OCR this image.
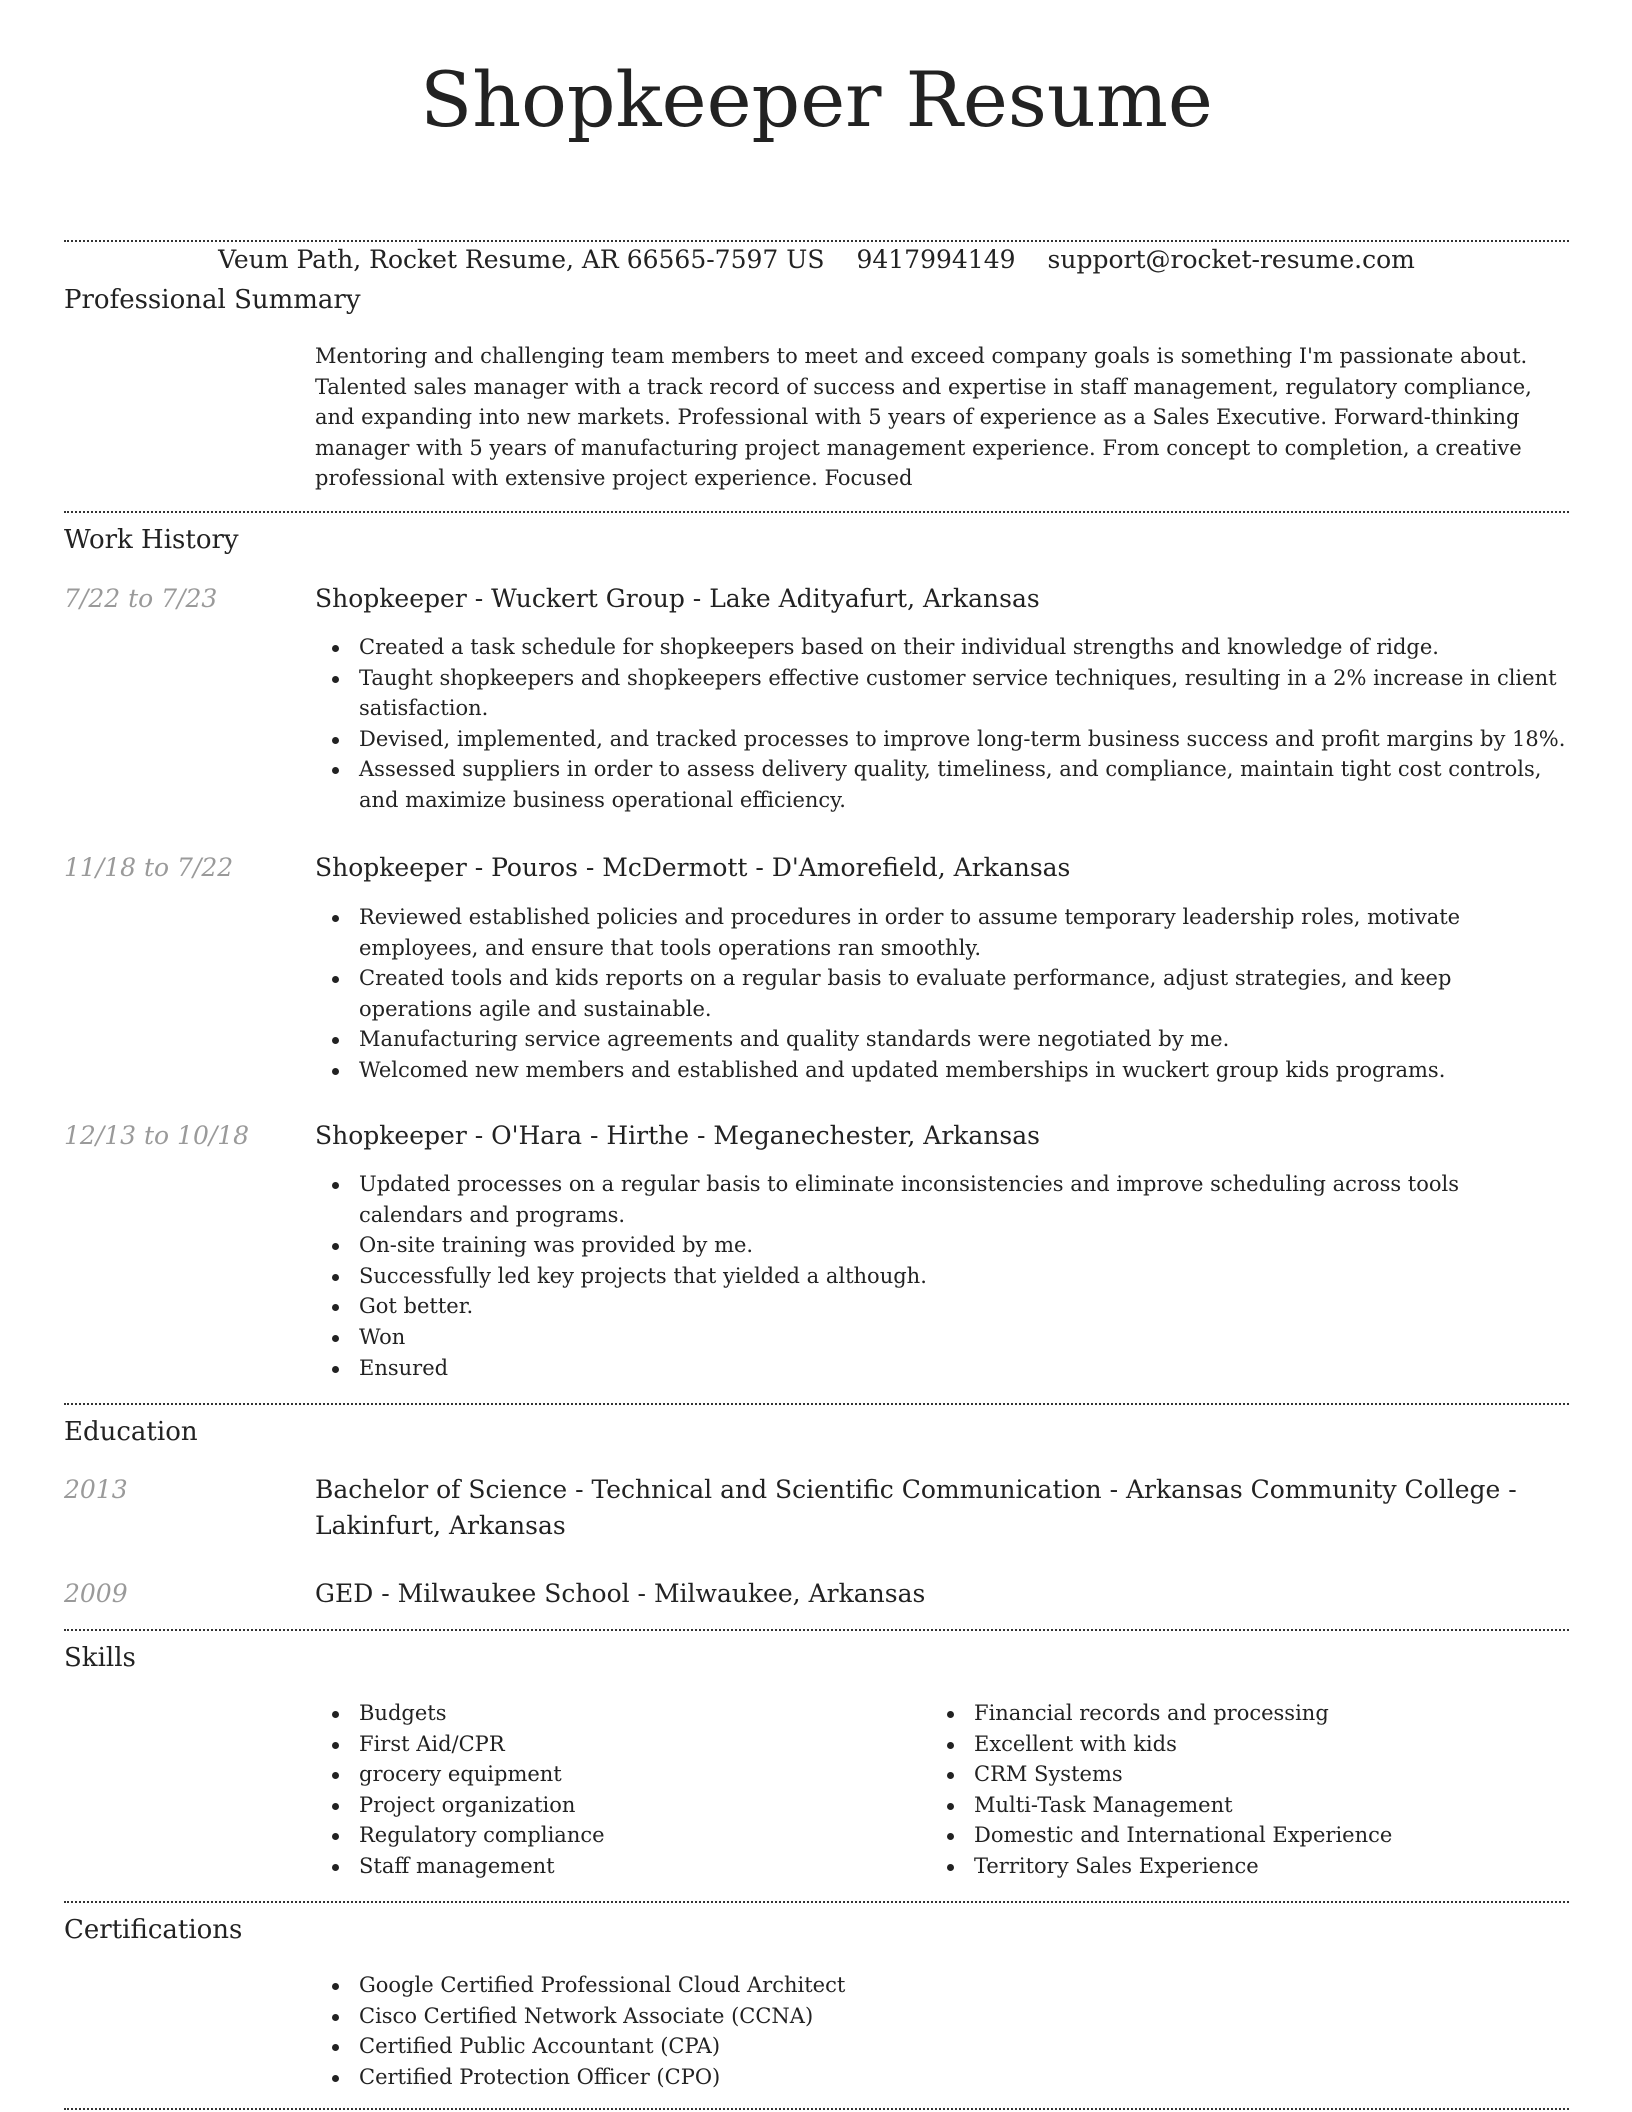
Shopkeeper Resume
Veum Path, Rocket Resume, AR 66565-7597 US 9417994149 support@rocket-resume.com
Professional Summary

Mentoring and challenging team members to meet and exceed company goals is something I'm passionate about. Talented sales manager with a track record of success and expertise in staff management, regulatory compliance, and expanding into new markets. Professional with 5 years of experience as a Sales Executive. Forward-thinking manager with 5 years of manufacturing project management experience. From concept to completion, a creative professional with extensive project experience. Focused

Work History
7/22 to 7/23	Shopkeeper - Wuckert Group - Lake Adityafurt, Arkansas
Created a task schedule for shopkeepers based on their individual strengths and knowledge of ridge.
Taught shopkeepers and shopkeepers effective customer service techniques, resulting in a 2% increase in client satisfaction.
Devised, implemented, and tracked processes to improve long-term business success and profit margins by 18%.
Assessed suppliers in order to assess delivery quality, timeliness, and compliance, maintain tight cost controls, and maximize business operational efficiency.
11/18 to 7/22	Shopkeeper - Pouros - McDermott - D'Amorefield, Arkansas
Reviewed established policies and procedures in order to assume temporary leadership roles, motivate employees, and ensure that tools operations ran smoothly.
Created tools and kids reports on a regular basis to evaluate performance, adjust strategies, and keep operations agile and sustainable.
Manufacturing service agreements and quality standards were negotiated by me.
Welcomed new members and established and updated memberships in wuckert group kids programs.
12/13 to 10/18	Shopkeeper - O'Hara - Hirthe - Meganechester, Arkansas
Updated processes on a regular basis to eliminate inconsistencies and improve scheduling across tools calendars and programs.
On-site training was provided by me.
Successfully led key projects that yielded a although.
Got better.
Won
Ensured
Education
2013	Bachelor of Science - Technical and Scientific Communication - Arkansas Community College - Lakinfurt, Arkansas
2009	GED - Milwaukee School - Milwaukee, Arkansas
Skills
Budgets
First Aid/CPR
grocery equipment
Project organization
Regulatory compliance
Staff management
Financial records and processing
Excellent with kids
CRM Systems
Multi-Task Management
Domestic and International Experience
Territory Sales Experience
Certifications
Google Certified Professional Cloud Architect
Cisco Certified Network Associate (CCNA)
Certified Public Accountant (CPA)
Certified Protection Officer (CPO)
